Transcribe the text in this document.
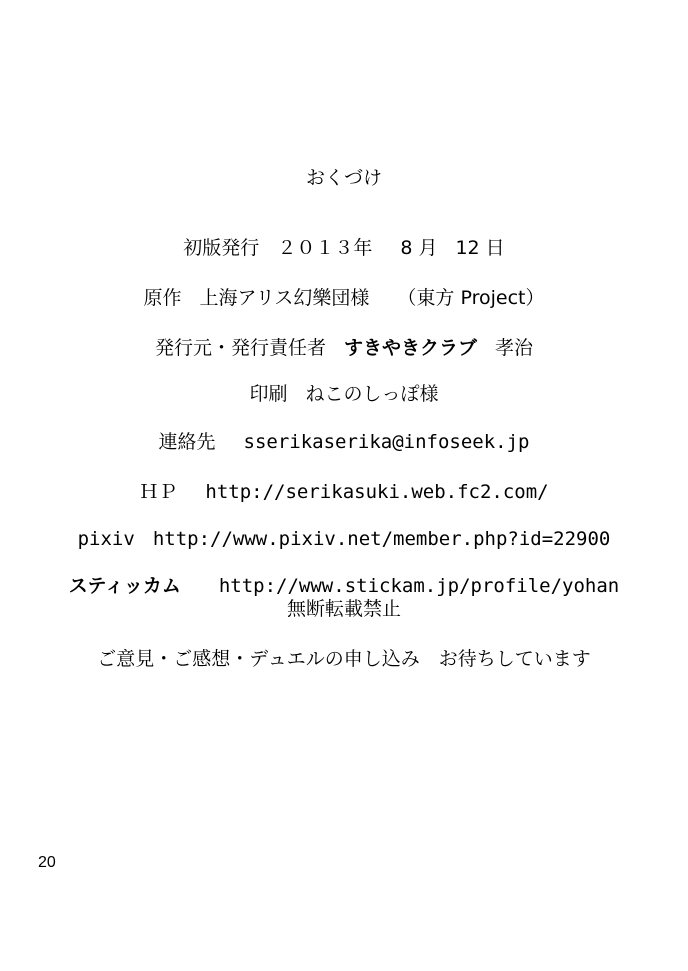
おくづけ
初版発行 ２０１３年 8 月 12 日
原作 上海アリス幻樂団様 （東方 Project）
発行元・発行責任者 すきやきクラブ 孝治
印刷 ねこのしっぽ様
連絡先 sserikaserika@infoseek.jp
ＨＰ http://serikasuki.web.fc2.com/
pixiv http://www.pixiv.net/member.php?id=22900
スティッカム http://www.stickam.jp/profile/yohan
無断転載禁止
ご意見・ご感想・デュエルの申し込み　お待ちしています
20
